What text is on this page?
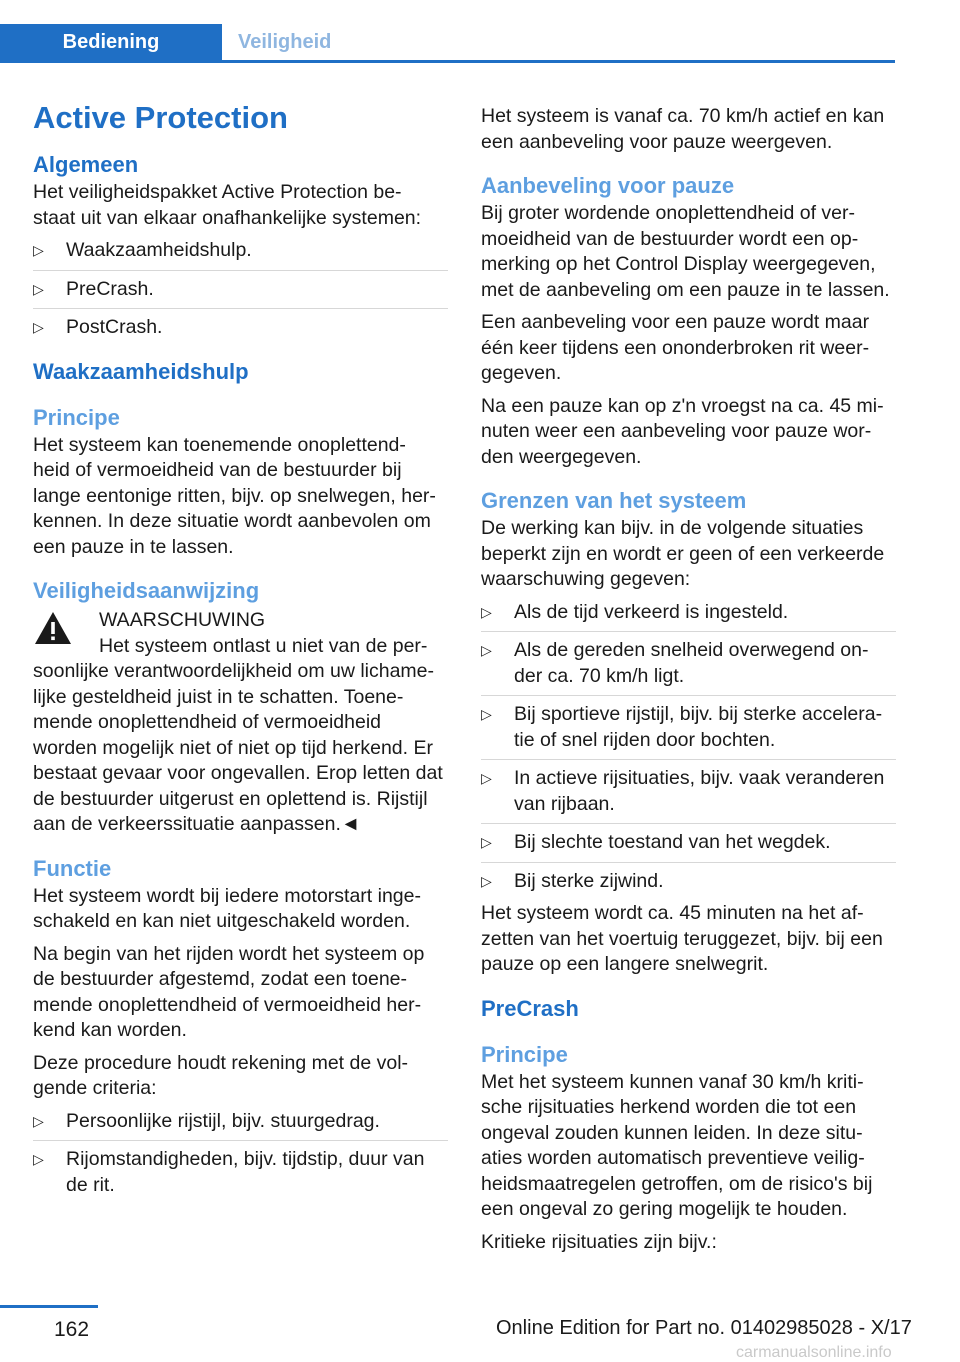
Bediening	Veiligheid
Active Protection
Algemeen

Het veiligheidspakket Active Protection be-
staat uit van elkaar onafhankelijke systemen:

▷ Waakzaamheidshulp.
▷ PreCrash.
▷ PostCrash.
Waakzaamheidshulp
Principe

Het systeem kan toenemende onoplettend-
heid of vermoeidheid van de bestuurder bij
lange eentonige ritten, bijv. op snelwegen, her-
kennen. In deze situatie wordt aanbevolen om
een pauze in te lassen.

Veiligheidsaanwijzing
WAARSCHUWING
Het systeem ontlast u niet van de per-

soonlijke verantwoordelijkheid om uw lichame-
lijke gesteldheid juist in te schatten. Toene-
mende onoplettendheid of vermoeidheid
worden mogelijk niet of niet op tijd herkend. Er
bestaat gevaar voor ongevallen. Erop letten dat
de bestuurder uitgerust en oplettend is. Rijstijl
aan de verkeerssituatie aanpassen.◄

Functie

Het systeem wordt bij iedere motorstart inge-
schakeld en kan niet uitgeschakeld worden.

Na begin van het rijden wordt het systeem op
de bestuurder afgestemd, zodat een toene-
mende onoplettendheid of vermoeidheid her-
kend kan worden.

Deze procedure houdt rekening met de vol-
gende criteria:

▷ Persoonlijke rijstijl, bijv. stuurgedrag.
▷ Rijomstandigheden, bijv. tijdstip, duur van
de rit.

Het systeem is vanaf ca. 70 km/h actief en kan
een aanbeveling voor pauze weergeven.

Aanbeveling voor pauze

Bij groter wordende onoplettendheid of ver-
moeidheid van de bestuurder wordt een op-
merking op het Control Display weergegeven,
met de aanbeveling om een pauze in te lassen.

Een aanbeveling voor een pauze wordt maar
één keer tijdens een ononderbroken rit weer-
gegeven.

Na een pauze kan op z'n vroegst na ca. 45 mi-
nuten weer een aanbeveling voor pauze wor-
den weergegeven.

Grenzen van het systeem

De werking kan bijv. in de volgende situaties
beperkt zijn en wordt er geen of een verkeerde
waarschuwing gegeven:

▷ Als de tijd verkeerd is ingesteld.
▷ Als de gereden snelheid overwegend on-
der ca. 70 km/h ligt.
▷ Bij sportieve rijstijl, bijv. bij sterke accelera-
tie of snel rijden door bochten.
▷ In actieve rijsituaties, bijv. vaak veranderen
van rijbaan.
▷ Bij slechte toestand van het wegdek.
▷ Bij sterke zijwind.

Het systeem wordt ca. 45 minuten na het af-
zetten van het voertuig teruggezet, bijv. bij een
pauze op een langere snelwegrit.

PreCrash
Principe

Met het systeem kunnen vanaf 30 km/h kriti-
sche rijsituaties herkend worden die tot een
ongeval zouden kunnen leiden. In deze situ-
aties worden automatisch preventieve veilig-
heidsmaatregelen getroffen, om de risico's bij
een ongeval zo gering mogelijk te houden.

Kritieke rijsituaties zijn bijv.:

162	Online Edition for Part no. 01402985028 - X/17
carmanualsonline.info
